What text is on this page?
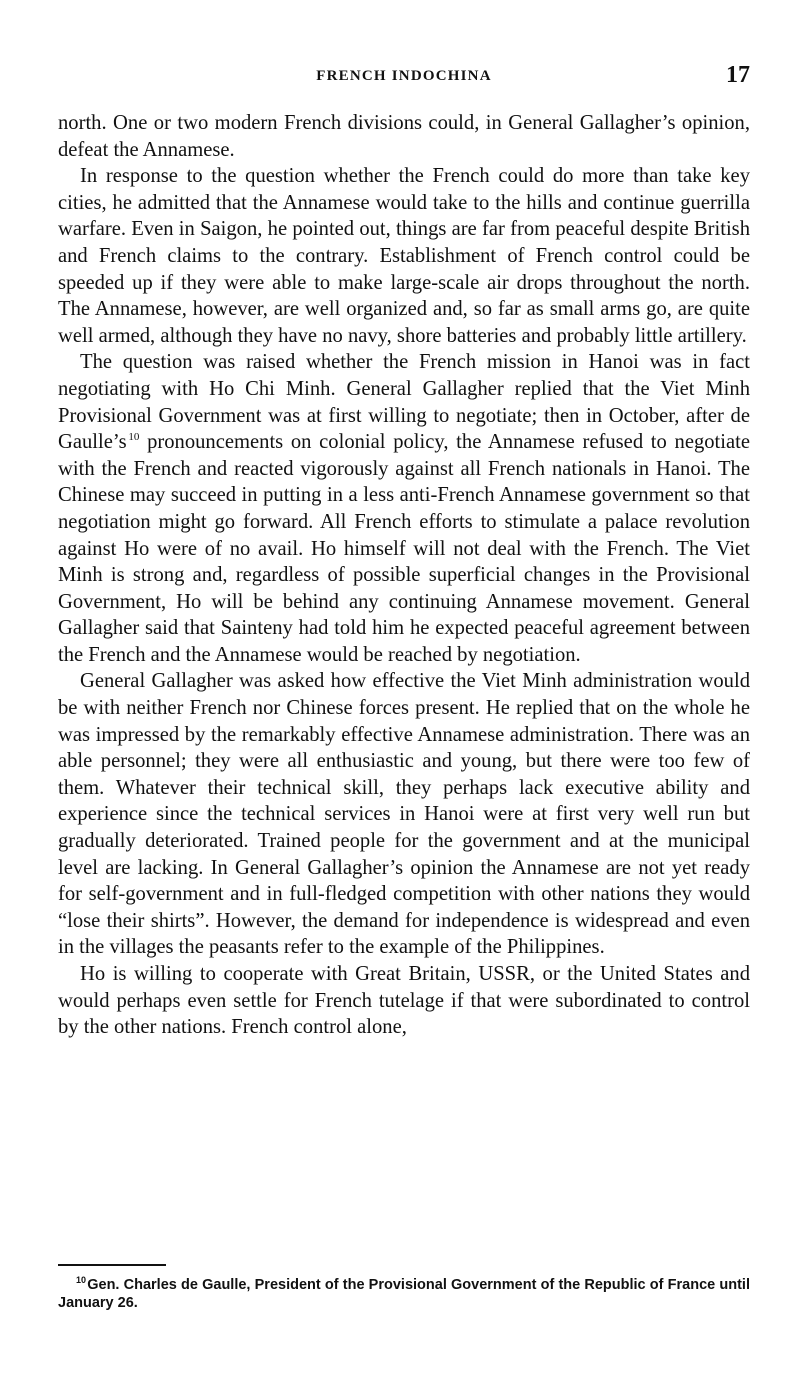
FRENCH INDOCHINA	17

north. One or two modern French divisions could, in General Gallagher’s opinion, defeat the Annamese.

In response to the question whether the French could do more than take key cities, he admitted that the Annamese would take to the hills and continue guerrilla warfare. Even in Saigon, he pointed out, things are far from peaceful despite British and French claims to the contrary. Establishment of French control could be speeded up if they were able to make large-scale air drops throughout the north. The Annamese, however, are well organized and, so far as small arms go, are quite well armed, although they have no navy, shore batteries and probably little artillery.

The question was raised whether the French mission in Hanoi was in fact negotiating with Ho Chi Minh. General Gallagher replied that the Viet Minh Provisional Government was at first willing to negotiate; then in October, after de Gaulle’s  $^{10}$ pronouncements on colonial policy, the Annamese refused to negotiate with the French and reacted vigorously against all French nationals in Hanoi. The Chinese may succeed in putting in a less anti-French Annamese government so that negotiation might go forward. All French efforts to stimulate a palace revolution against Ho were of no avail. Ho himself will not deal with the French. The Viet Minh is strong and, regardless of possible superficial changes in the Provisional Government, Ho will be behind any continuing Annamese movement. General Gallagher said that Sainteny had told him he expected peaceful agreement between the French and the Annamese would be reached by negotiation.

General Gallagher was asked how effective the Viet Minh administration would be with neither French nor Chinese forces present. He replied that on the whole he was impressed by the remarkably effective Annamese administration. There was an able personnel; they were all enthusiastic and young, but there were too few of them. Whatever their technical skill, they perhaps lack executive ability and experience since the technical services in Hanoi were at first very well run but gradually deteriorated. Trained people for the government and at the municipal level are lacking. In General Gallagher’s opinion the Annamese are not yet ready for self-government and in full-fledged competition with other nations they would “lose their shirts”. However, the demand for independence is widespread and even in the villages the peasants refer to the example of the Philippines.

Ho is willing to cooperate with Great Britain, USSR, or the United States and would perhaps even settle for French tutelage if that were subordinated to control by the other nations. French control alone,

$^{10}$ Gen. Charles de Gaulle, President of the Provisional Government of the Republic of France until January 26.
